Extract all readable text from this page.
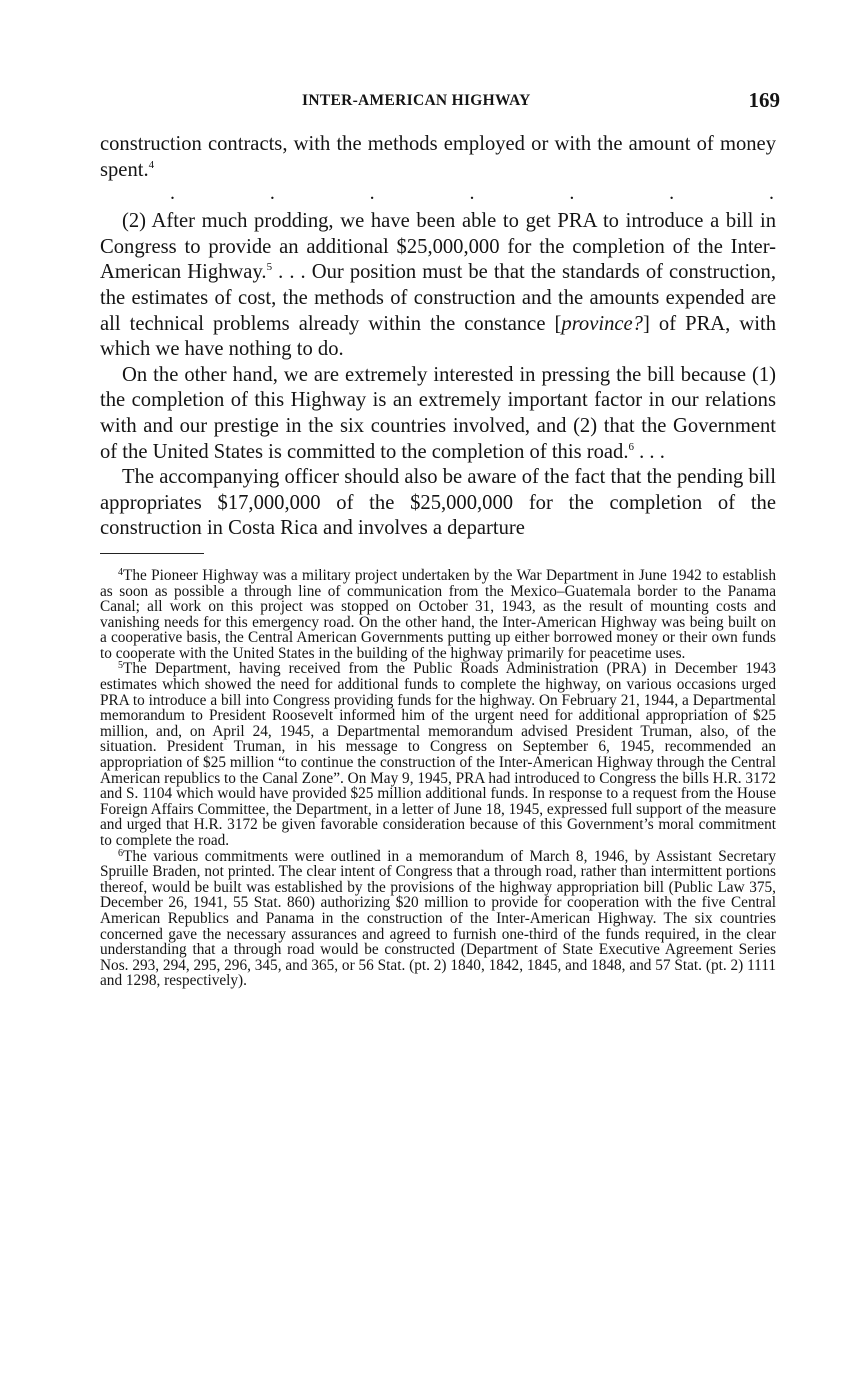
INTER-AMERICAN HIGHWAY	169

construction contracts, with the methods employed or with the amount of money spent.$^4$

.	.	.	.	.	.	.

(2) After much prodding, we have been able to get PRA to introduce a bill in Congress to provide an additional $25,000,000 for the completion of the Inter-American Highway.$^5$ . . . Our position must be that the standards of construction, the estimates of cost, the methods of construction and the amounts expended are all technical problems already within the constance [province?] of PRA, with which we have nothing to do.

On the other hand, we are extremely interested in pressing the bill because (1) the completion of this Highway is an extremely important factor in our relations with and our prestige in the six countries involved, and (2) that the Government of the United States is committed to the completion of this road.$^6$ . . .

The accompanying officer should also be aware of the fact that the pending bill appropriates $17,000,000 of the $25,000,000 for the completion of the construction in Costa Rica and involves a departure

$^4$The Pioneer Highway was a military project undertaken by the War Department in June 1942 to establish as soon as possible a through line of communication from the Mexico–Guatemala border to the Panama Canal; all work on this project was stopped on October 31, 1943, as the result of mounting costs and vanishing needs for this emergency road. On the other hand, the Inter-American Highway was being built on a cooperative basis, the Central American Governments putting up either borrowed money or their own funds to cooperate with the United States in the building of the highway primarily for peacetime uses.

$^5$The Department, having received from the Public Roads Administration (PRA) in December 1943 estimates which showed the need for additional funds to complete the highway, on various occasions urged PRA to introduce a bill into Congress providing funds for the highway. On February 21, 1944, a Departmental memorandum to President Roosevelt informed him of the urgent need for additional appropriation of $25 million, and, on April 24, 1945, a Departmental memorandum advised President Truman, also, of the situation. President Truman, in his message to Congress on September 6, 1945, recommended an appropriation of $25 million “to continue the construction of the Inter-American Highway through the Central American republics to the Canal Zone”. On May 9, 1945, PRA had introduced to Congress the bills H.R. 3172 and S. 1104 which would have provided $25 million additional funds. In response to a request from the House Foreign Affairs Committee, the Department, in a letter of June 18, 1945, expressed full support of the measure and urged that H.R. 3172 be given favorable consideration because of this Government’s moral commitment to complete the road.

$^6$The various commitments were outlined in a memorandum of March 8, 1946, by Assistant Secretary Spruille Braden, not printed. The clear intent of Congress that a through road, rather than intermittent portions thereof, would be built was established by the provisions of the highway appropriation bill (Public Law 375, December 26, 1941, 55 Stat. 860) authorizing $20 million to provide for cooperation with the five Central American Republics and Panama in the construction of the Inter-American Highway. The six countries concerned gave the necessary assurances and agreed to furnish one-third of the funds required, in the clear understanding that a through road would be constructed (Department of State Executive Agreement Series Nos. 293, 294, 295, 296, 345, and 365, or 56 Stat. (pt. 2) 1840, 1842, 1845, and 1848, and 57 Stat. (pt. 2) 1111 and 1298, respectively).
